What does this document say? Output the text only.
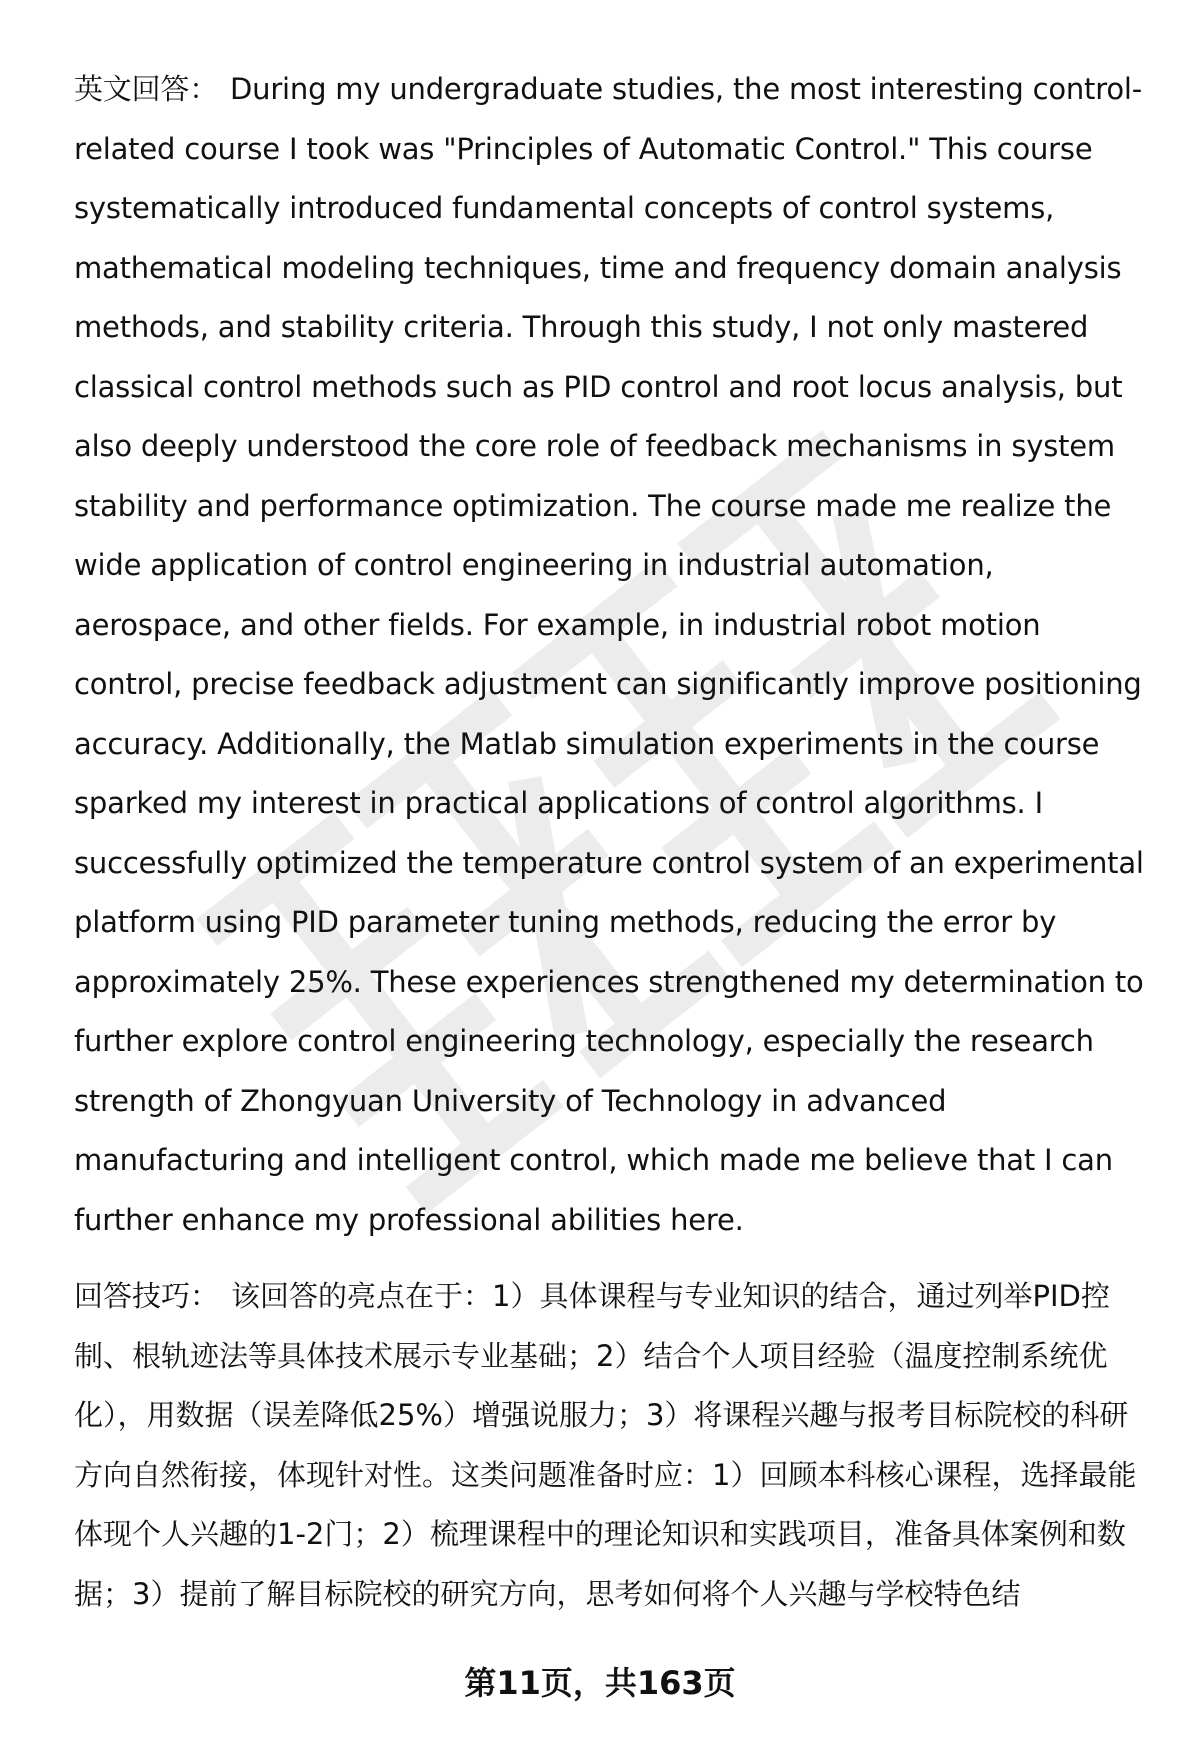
英文回答： During my undergraduate studies, the most interesting control-related course I took was "Principles of Automatic Control." This course systematically introduced fundamental concepts of control systems, mathematical modeling techniques, time and frequency domain analysis methods, and stability criteria. Through this study, I not only mastered classical control methods such as PID control and root locus analysis, but also deeply understood the core role of feedback mechanisms in system stability and performance optimization. The course made me realize the wide application of control engineering in industrial automation, aerospace, and other fields. For example, in industrial robot motion control, precise feedback adjustment can significantly improve positioning accuracy. Additionally, the Matlab simulation experiments in the course sparked my interest in practical applications of control algorithms. I successfully optimized the temperature control system of an experimental platform using PID parameter tuning methods, reducing the error by approximately 25%. These experiences strengthened my determination to further explore control engineering technology, especially the research strength of Zhongyuan University of Technology in advanced manufacturing and intelligent control, which made me believe that I can further enhance my professional abilities here.

回答技巧： 该回答的亮点在于：1）具体课程与专业知识的结合，通过列举PID控制、根轨迹法等具体技术展示专业基础；2）结合个人项目经验（温度控制系统优化），用数据（误差降低25%）增强说服力；3）将课程兴趣与报考目标院校的科研方向自然衔接，体现针对性。这类问题准备时应：1）回顾本科核心课程，选择最能体现个人兴趣的1-2门；2）梳理课程中的理论知识和实践项目，准备具体案例和数据；3）提前了解目标院校的研究方向，思考如何将个人兴趣与学校特色结

第11页，共163页
